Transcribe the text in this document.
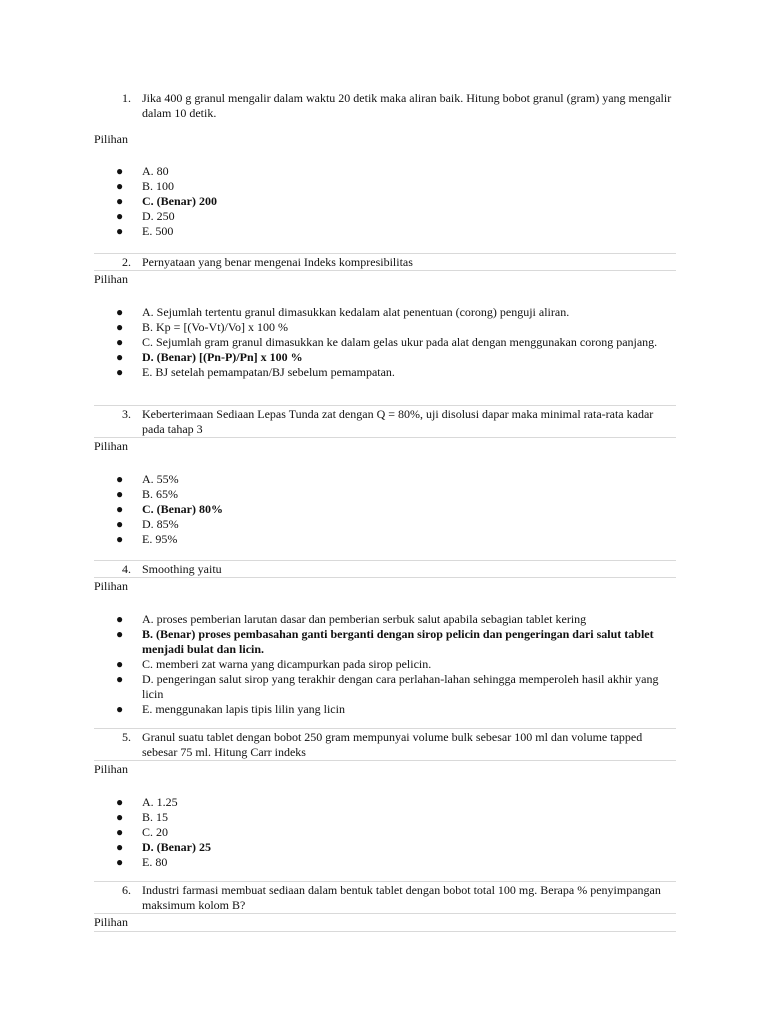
1. Jika 400 g granul mengalir dalam waktu 20 detik maka aliran baik. Hitung bobot granul (gram) yang mengalir dalam 10 detik.
Pilihan
● A. 80
● B. 100
● C. (Benar) 200
● D. 250
● E. 500
2. Pernyataan yang benar mengenai Indeks kompresibilitas
Pilihan
● A. Sejumlah tertentu granul dimasukkan kedalam alat penentuan (corong) penguji aliran.
● B. Kp = [(Vo-Vt)/Vo] x 100 %
● C. Sejumlah gram granul dimasukkan ke dalam gelas ukur pada alat dengan menggunakan corong panjang.
● D. (Benar) [(Pn-P)/Pn] x 100 %
● E. BJ setelah pemampatan/BJ sebelum pemampatan.
3. Keberterimaan Sediaan Lepas Tunda zat dengan Q = 80%, uji disolusi dapar maka minimal rata-rata kadar pada tahap 3
Pilihan
● A. 55%
● B. 65%
● C. (Benar) 80%
● D. 85%
● E. 95%
4. Smoothing yaitu
Pilihan
● A. proses pemberian larutan dasar dan pemberian serbuk salut apabila sebagian tablet kering
● B. (Benar) proses pembasahan ganti berganti dengan sirop pelicin dan pengeringan dari salut tablet menjadi bulat dan licin.
● C. memberi zat warna yang dicampurkan pada sirop pelicin.
● D. pengeringan salut sirop yang terakhir dengan cara perlahan-lahan sehingga memperoleh hasil akhir yang licin
● E. menggunakan lapis tipis lilin yang licin
5. Granul suatu tablet dengan bobot 250 gram mempunyai volume bulk sebesar 100 ml dan volume tapped sebesar 75 ml. Hitung Carr indeks
Pilihan
● A. 1.25
● B. 15
● C. 20
● D. (Benar) 25
● E. 80
6. Industri farmasi membuat sediaan dalam bentuk tablet dengan bobot total 100 mg. Berapa % penyimpangan maksimum kolom B?
Pilihan
